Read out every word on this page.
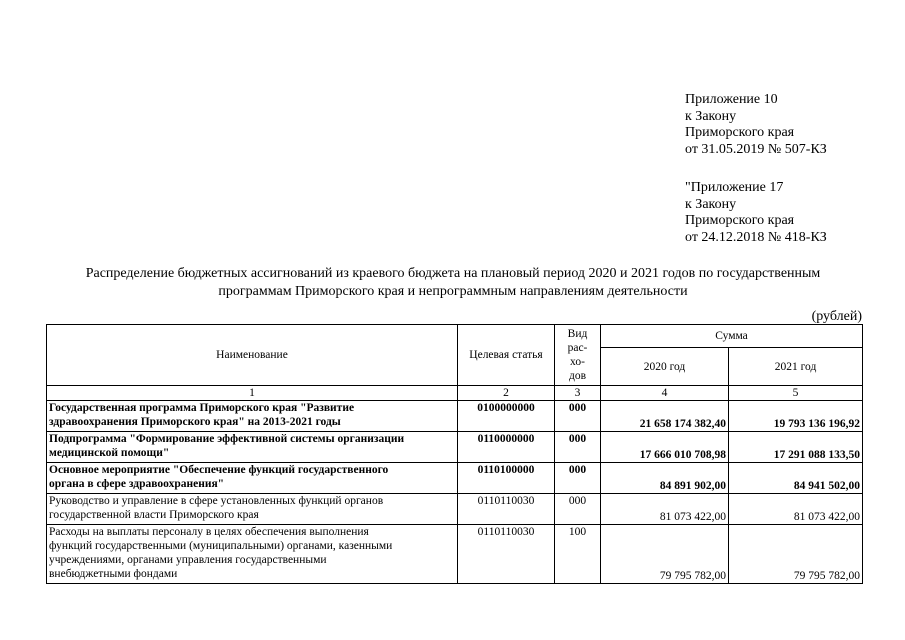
Приложение 10
к Закону
Приморского края
от 31.05.2019 № 507-КЗ
"Приложение 17
к Закону
Приморского края
от 24.12.2018 № 418-КЗ
Распределение бюджетных ассигнований из краевого бюджета на плановый период 2020 и 2021 годов по государственным
программам Приморского края и непрограммным направлениям деятельности
(рублей)
Наименование	Целевая статья	Вид
рас-
хо-
дов	Сумма	
			2020 год	2021 год
1	2	3	4	5

Государственная программа Приморского края "Развитие
здравоохранения Приморского края" на 2013-2021 годы	0100000000	000	21 658 174 382,40	19 793 136 196,92

Подпрограмма "Формирование эффективной системы организации
медицинской помощи"	0110000000	000	17 666 010 708,98	17 291 088 133,50

Основное мероприятие "Обеспечение функций государственного
органа в сфере здравоохранения"	0110100000	000	84 891 902,00	84 941 502,00

Руководство и управление в сфере установленных функций органов
государственной власти Приморского края	0110110030	000	81 073 422,00	81 073 422,00

Расходы на выплаты персоналу в целях обеспечения выполнения
функций государственными (муниципальными) органами, казенными
учреждениями, органами управления государственными
внебюджетными фондами	0110110030	100	79 795 782,00	79 795 782,00
